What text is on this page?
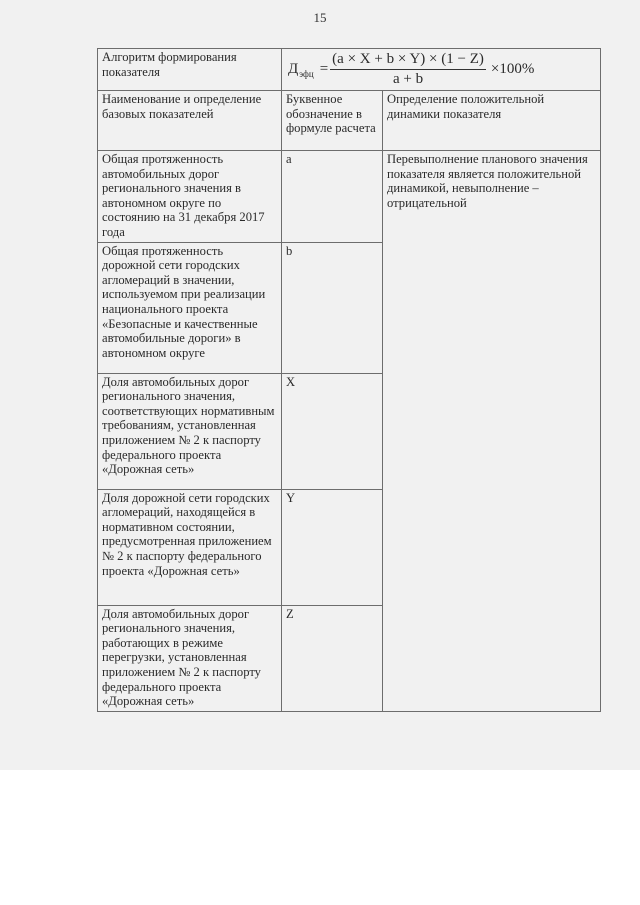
15
Алгоритм формирования показателя	$Д_{эфц} = \frac{(a \times X + b \times Y) \times (1 - Z)}{a + b} \times 100\%$	

Наименование и определение базовых показателей	Буквенное обозначение в формуле расчета	Определение положительной динамики показателя
Общая протяженность автомобильных дорог регионального значения в автономном округе по состоянию на 31 декабря 2017 года	a	Перевыполнение планового значения показателя является положительной динамикой, невыполнение – отрицательной
Общая протяженность дорожной сети городских агломераций в значении, используемом при реализации национального проекта «Безопасные и качественные автомобильные дороги» в автономном округе	b	
Доля автомобильных дорог регионального значения, соответствующих нормативным требованиям, установленная приложением № 2 к паспорту федерального проекта «Дорожная сеть»	X	
Доля дорожной сети городских агломераций, находящейся в нормативном состоянии, предусмотренная приложением № 2 к паспорту федерального проекта «Дорожная сеть»	Y	
Доля автомобильных дорог регионального значения, работающих в режиме перегрузки, установленная приложением № 2 к паспорту федерального проекта «Дорожная сеть»	Z	
